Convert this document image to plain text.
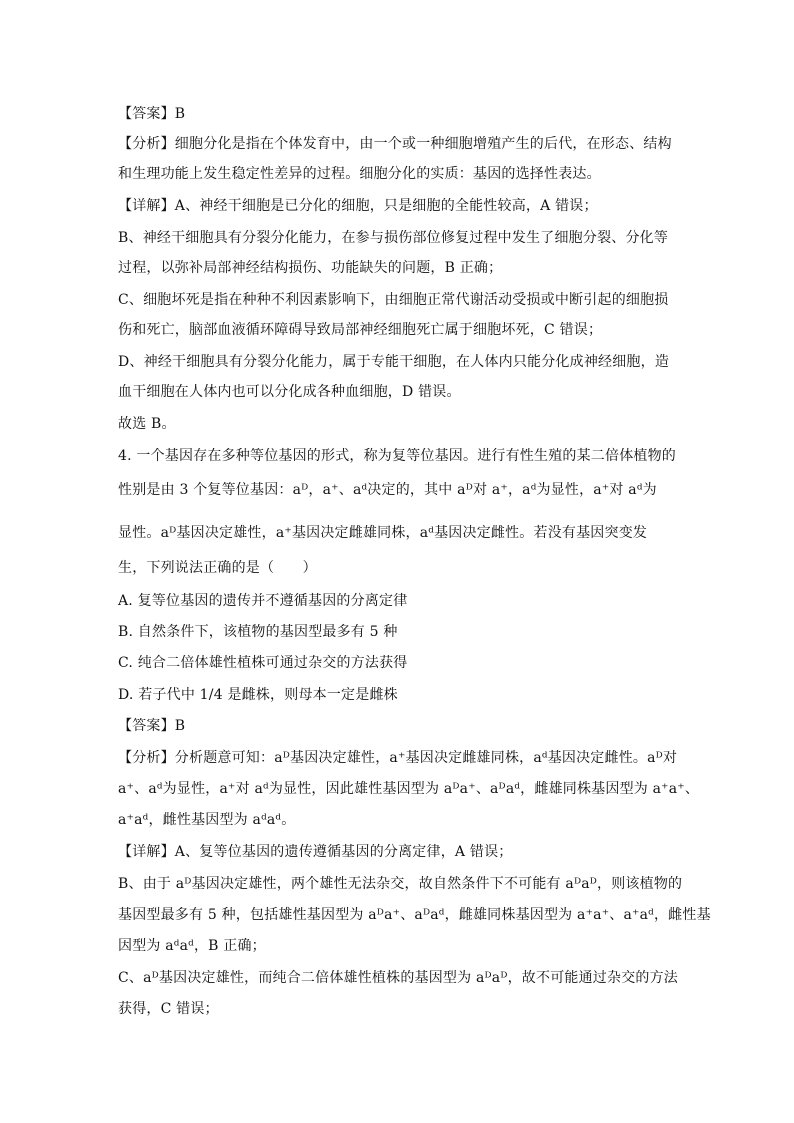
【答案】B
【分析】细胞分化是指在个体发育中，由一个或一种细胞增殖产生的后代，在形态、结构
和生理功能上发生稳定性差异的过程。细胞分化的实质：基因的选择性表达。
【详解】A、神经干细胞是已分化的细胞，只是细胞的全能性较高，A 错误；
B、神经干细胞具有分裂分化能力，在参与损伤部位修复过程中发生了细胞分裂、分化等
过程，以弥补局部神经结构损伤、功能缺失的问题，B 正确；
C、细胞坏死是指在种种不利因素影响下，由细胞正常代谢活动受损或中断引起的细胞损
伤和死亡，脑部血液循环障碍导致局部神经细胞死亡属于细胞坏死，C 错误；
D、神经干细胞具有分裂分化能力，属于专能干细胞，在人体内只能分化成神经细胞，造
血干细胞在人体内也可以分化成各种血细胞，D 错误。
故选 B。
4. 一个基因存在多种等位基因的形式，称为复等位基因。进行有性生殖的某二倍体植物的
性别是由 3 个复等位基因：aᴰ，a⁺、aᵈ决定的，其中 aᴰ对 a⁺，aᵈ为显性，a⁺对 aᵈ为
显性。aᴰ基因决定雄性，a⁺基因决定雌雄同株，aᵈ基因决定雌性。若没有基因突变发
生，下列说法正确的是（　　）
A. 复等位基因的遗传并不遵循基因的分离定律
B. 自然条件下，该植物的基因型最多有 5 种
C. 纯合二倍体雄性植株可通过杂交的方法获得
D. 若子代中 1/4 是雌株，则母本一定是雌株
【答案】B
【分析】分析题意可知：aᴰ基因决定雄性，a⁺基因决定雌雄同株，aᵈ基因决定雌性。aᴰ对
a⁺、aᵈ为显性，a⁺对 aᵈ为显性，因此雄性基因型为 aᴰa⁺、aᴰaᵈ，雌雄同株基因型为 a⁺a⁺、
a⁺aᵈ，雌性基因型为 aᵈaᵈ。
【详解】A、复等位基因的遗传遵循基因的分离定律，A 错误；
B、由于 aᴰ基因决定雄性，两个雄性无法杂交，故自然条件下不可能有 aᴰaᴰ，则该植物的
基因型最多有 5 种，包括雄性基因型为 aᴰa⁺、aᴰaᵈ，雌雄同株基因型为 a⁺a⁺、a⁺aᵈ，雌性基
因型为 aᵈaᵈ，B 正确；
C、aᴰ基因决定雄性，而纯合二倍体雄性植株的基因型为 aᴰaᴰ，故不可能通过杂交的方法
获得，C 错误；
